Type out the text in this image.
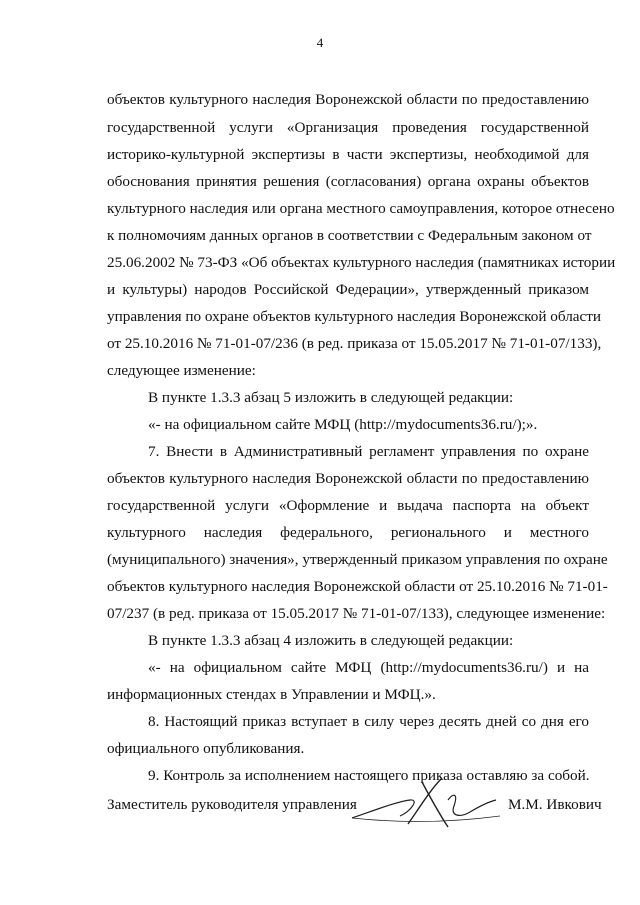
4
объектов культурного наследия Воронежской области по предоставлению
государственной услуги «Организация проведения государственной
историко-культурной экспертизы в части экспертизы, необходимой для
обоснования принятия решения (согласования) органа охраны объектов
культурного наследия или органа местного самоуправления, которое отнесено
к полномочиям данных органов в соответствии с Федеральным законом от
25.06.2002 № 73-ФЗ «Об объектах культурного наследия (памятниках истории
и культуры) народов Российской Федерации», утвержденный приказом
управления по охране объектов культурного наследия Воронежской области
от 25.10.2016 № 71-01-07/236 (в ред. приказа от 15.05.2017 № 71-01-07/133),
следующее изменение:
В пункте 1.3.3 абзац 5 изложить в следующей редакции:
«- на официальном сайте МФЦ (http://mydocuments36.ru/);».
7. Внести в Административный регламент управления по охране
объектов культурного наследия Воронежской области по предоставлению
государственной услуги «Оформление и выдача паспорта на объект
культурного наследия федерального, регионального и местного
(муниципального) значения», утвержденный приказом управления по охране
объектов культурного наследия Воронежской области от 25.10.2016 № 71-01-
07/237 (в ред. приказа от 15.05.2017 № 71-01-07/133), следующее изменение:
В пункте 1.3.3 абзац 4 изложить в следующей редакции:
«- на официальном сайте МФЦ (http://mydocuments36.ru/) и на
информационных стендах в Управлении и МФЦ.».
8. Настоящий приказ вступает в силу через десять дней со дня его
официального опубликования.
9. Контроль за исполнением настоящего приказа оставляю за собой.
Заместитель руководителя управления	М.М. Ивкович
